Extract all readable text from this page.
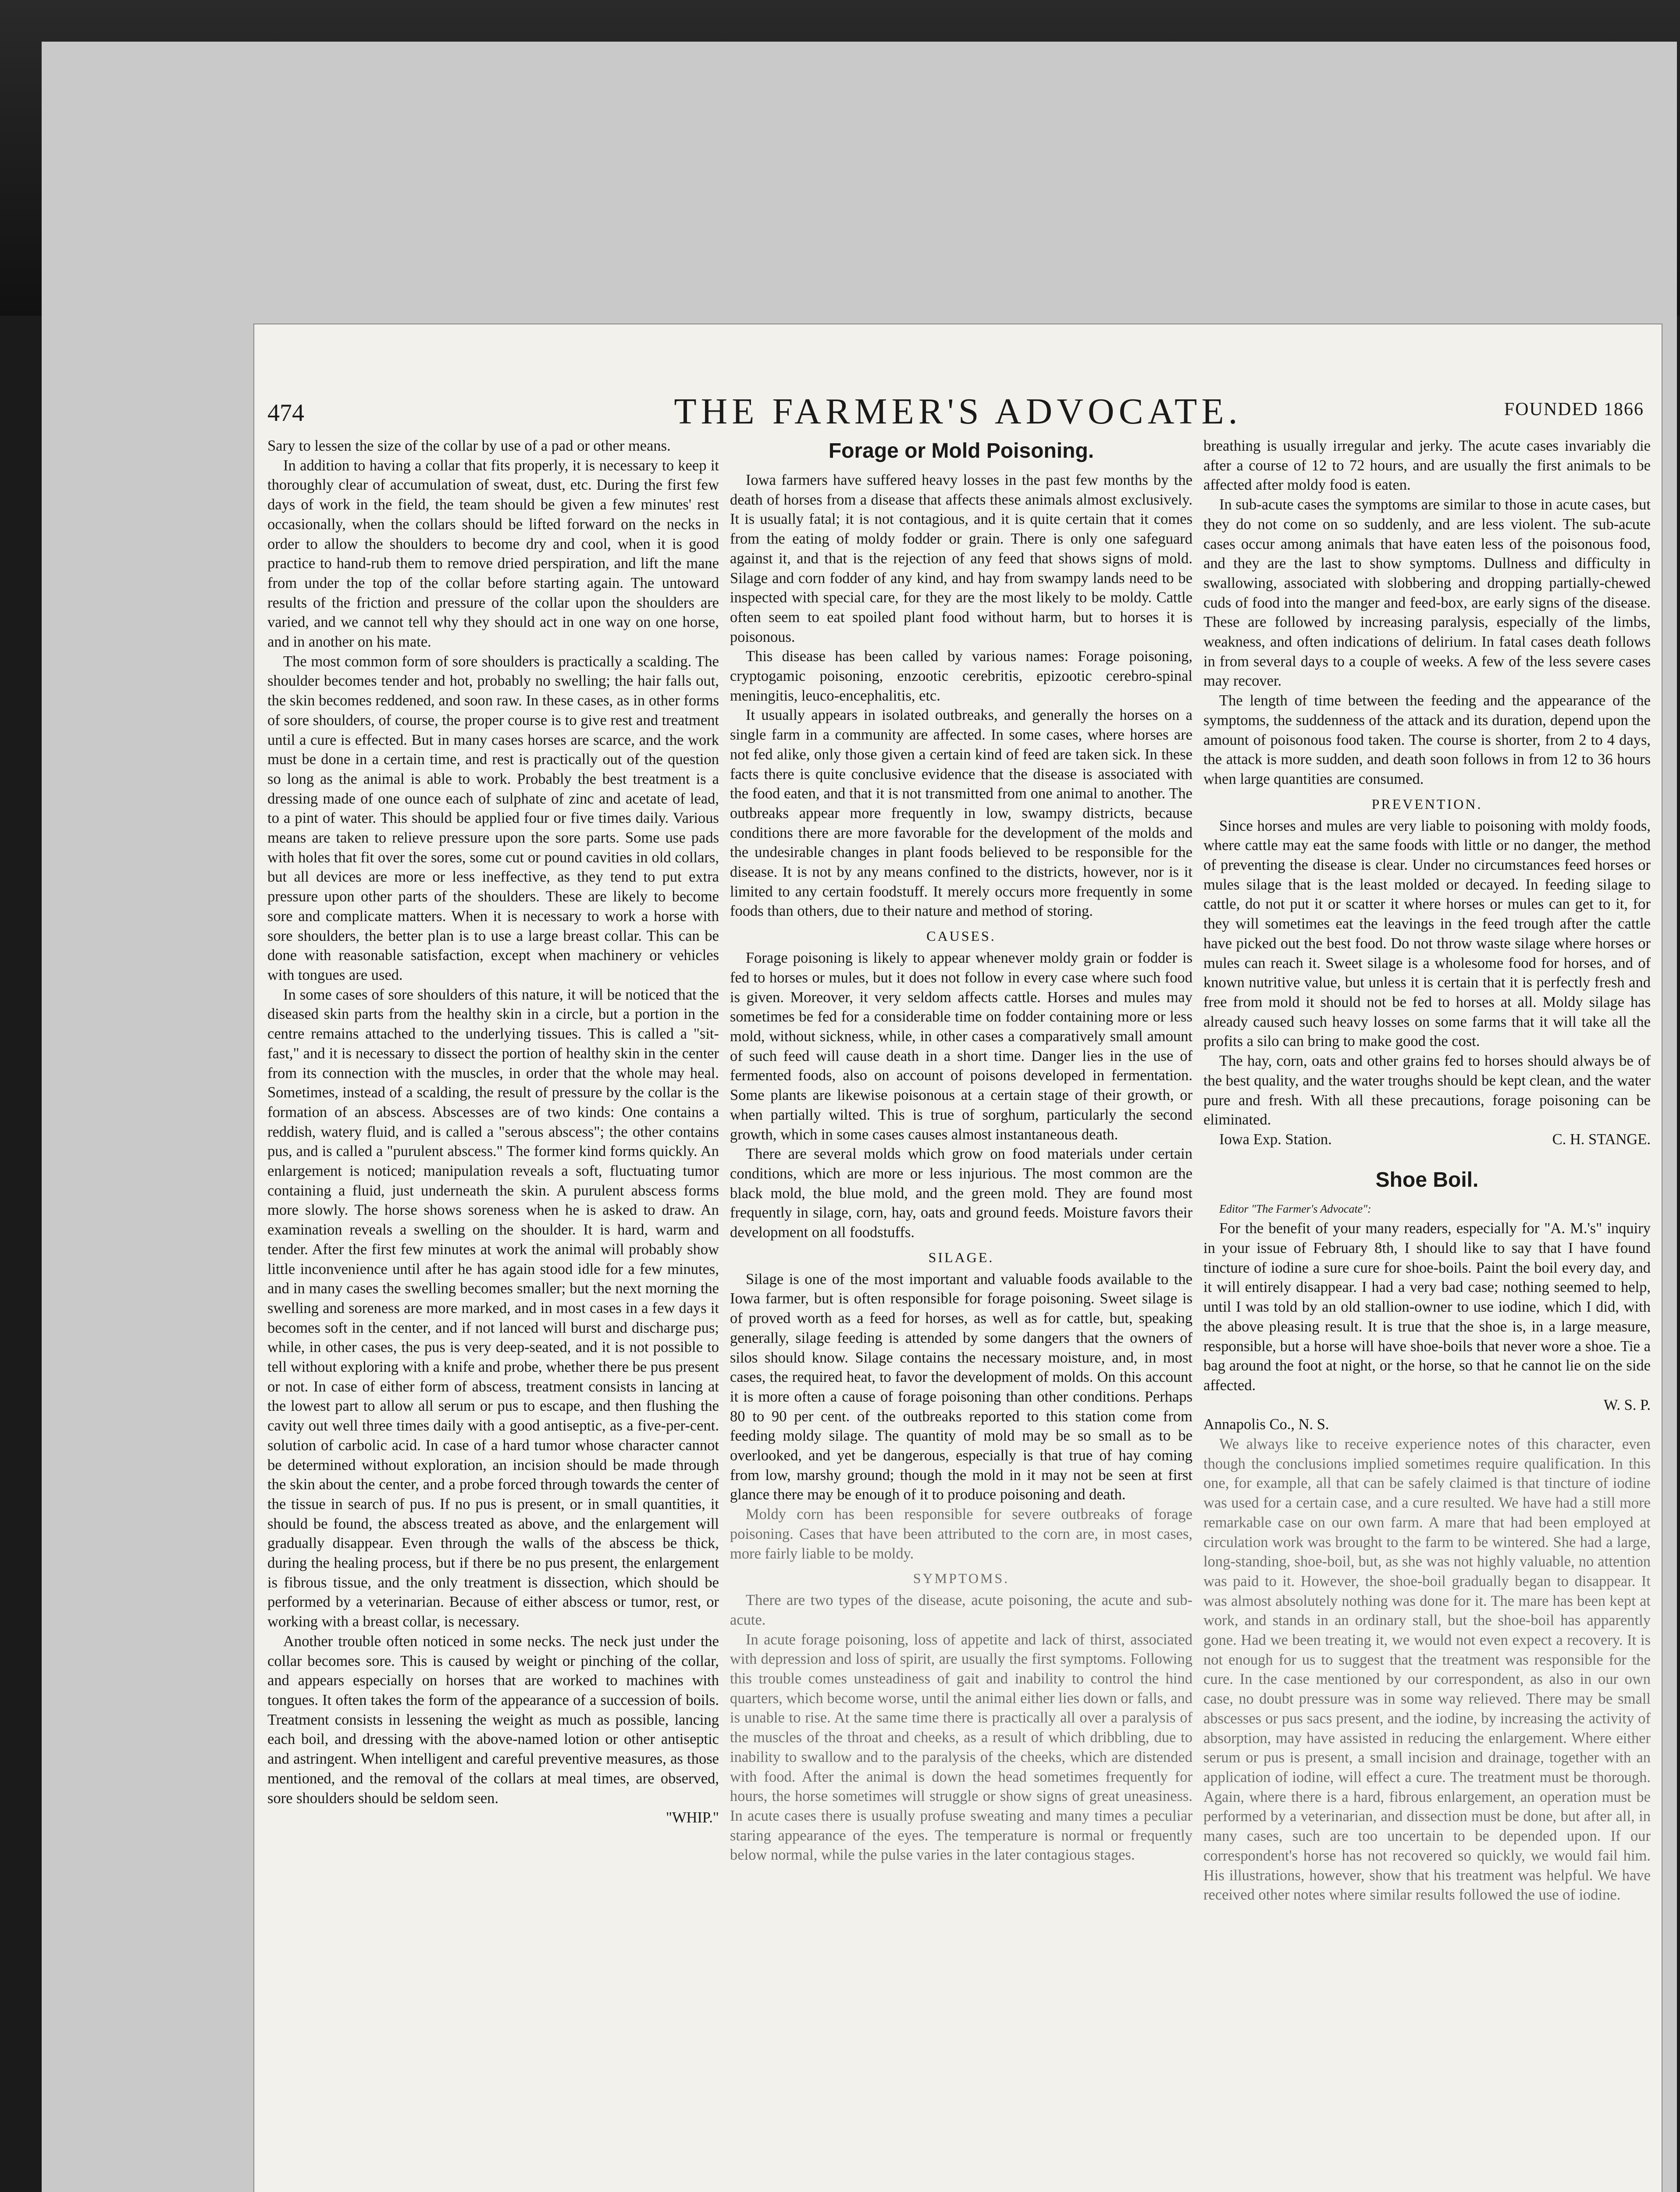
474	THE FARMER'S ADVOCATE.	FOUNDED 1866

Sary to lessen the size of the collar by use of a pad or other means.

In addition to having a collar that fits properly, it is necessary to keep it thoroughly clear of accumulation of sweat, dust, etc. During the first few days of work in the field, the team should be given a few minutes' rest occasionally, when the collars should be lifted forward on the necks in order to allow the shoulders to become dry and cool, when it is good practice to hand-rub them to remove dried perspiration, and lift the mane from under the top of the collar before starting again. The untoward results of the friction and pressure of the collar upon the shoulders are varied, and we cannot tell why they should act in one way on one horse, and in another on his mate.

The most common form of sore shoulders is practically a scalding. The shoulder becomes tender and hot, probably no swelling; the hair falls out, the skin becomes reddened, and soon raw. In these cases, as in other forms of sore shoulders, of course, the proper course is to give rest and treatment until a cure is effected. But in many cases horses are scarce, and the work must be done in a certain time, and rest is practically out of the question so long as the animal is able to work. Probably the best treatment is a dressing made of one ounce each of sulphate of zinc and acetate of lead, to a pint of water. This should be applied four or five times daily. Various means are taken to relieve pressure upon the sore parts. Some use pads with holes that fit over the sores, some cut or pound cavities in old collars, but all devices are more or less ineffective, as they tend to put extra pressure upon other parts of the shoulders. These are likely to become sore and complicate matters. When it is necessary to work a horse with sore shoulders, the better plan is to use a large breast collar. This can be done with reasonable satisfaction, except when machinery or vehicles with tongues are used.

In some cases of sore shoulders of this nature, it will be noticed that the diseased skin parts from the healthy skin in a circle, but a portion in the centre remains attached to the underlying tissues. This is called a "sit-fast," and it is necessary to dissect the portion of healthy skin in the center from its connection with the muscles, in order that the whole may heal. Sometimes, instead of a scalding, the result of pressure by the collar is the formation of an abscess. Abscesses are of two kinds: One contains a reddish, watery fluid, and is called a "serous abscess"; the other contains pus, and is called a "purulent abscess." The former kind forms quickly. An enlargement is noticed; manipulation reveals a soft, fluctuating tumor containing a fluid, just underneath the skin. A purulent abscess forms more slowly. The horse shows soreness when he is asked to draw. An examination reveals a swelling on the shoulder. It is hard, warm and tender. After the first few minutes at work the animal will probably show little inconvenience until after he has again stood idle for a few minutes, and in many cases the swelling becomes smaller; but the next morning the swelling and soreness are more marked, and in most cases in a few days it becomes soft in the center, and if not lanced will burst and discharge pus; while, in other cases, the pus is very deep-seated, and it is not possible to tell without exploring with a knife and probe, whether there be pus present or not. In case of either form of abscess, treatment consists in lancing at the lowest part to allow all serum or pus to escape, and then flushing the cavity out well three times daily with a good antiseptic, as a five-per-cent. solution of carbolic acid. In case of a hard tumor whose character cannot be determined without exploration, an incision should be made through the skin about the center, and a probe forced through towards the center of the tissue in search of pus. If no pus is present, or in small quantities, it should be found, the abscess treated as above, and the enlargement will gradually disappear. Even through the walls of the abscess be thick, during the healing process, but if there be no pus present, the enlargement is fibrous tissue, and the only treatment is dissection, which should be performed by a veterinarian. Because of either abscess or tumor, rest, or working with a breast collar, is necessary.

Another trouble often noticed in some necks. The neck just under the collar becomes sore. This is caused by weight or pinching of the collar, and appears especially on horses that are worked to machines with tongues. It often takes the form of the appearance of a succession of boils. Treatment consists in lessening the weight as much as possible, lancing each boil, and dressing with the above-named lotion or other antiseptic and astringent. When intelligent and careful preventive measures, as those mentioned, and the removal of the collars at meal times, are observed, sore shoulders should be seldom seen.

"WHIP."
Forage or Mold Poisoning.

Iowa farmers have suffered heavy losses in the past few months by the death of horses from a disease that affects these animals almost exclusively. It is usually fatal; it is not contagious, and it is quite certain that it comes from the eating of moldy fodder or grain. There is only one safeguard against it, and that is the rejection of any feed that shows signs of mold. Silage and corn fodder of any kind, and hay from swampy lands need to be inspected with special care, for they are the most likely to be moldy. Cattle often seem to eat spoiled plant food without harm, but to horses it is poisonous.

This disease has been called by various names: Forage poisoning, cryptogamic poisoning, enzootic cerebritis, epizootic cerebro-spinal meningitis, leuco-encephalitis, etc.

It usually appears in isolated outbreaks, and generally the horses on a single farm in a community are affected. In some cases, where horses are not fed alike, only those given a certain kind of feed are taken sick. In these facts there is quite conclusive evidence that the disease is associated with the food eaten, and that it is not transmitted from one animal to another. The outbreaks appear more frequently in low, swampy districts, because conditions there are more favorable for the development of the molds and the undesirable changes in plant foods believed to be responsible for the disease. It is not by any means confined to the districts, however, nor is it limited to any certain foodstuff. It merely occurs more frequently in some foods than others, due to their nature and method of storing.

CAUSES.

Forage poisoning is likely to appear whenever moldy grain or fodder is fed to horses or mules, but it does not follow in every case where such food is given. Moreover, it very seldom affects cattle. Horses and mules may sometimes be fed for a considerable time on fodder containing more or less mold, without sickness, while, in other cases a comparatively small amount of such feed will cause death in a short time. Danger lies in the use of fermented foods, also on account of poisons developed in fermentation. Some plants are likewise poisonous at a certain stage of their growth, or when partially wilted. This is true of sorghum, particularly the second growth, which in some cases causes almost instantaneous death.

There are several molds which grow on food materials under certain conditions, which are more or less injurious. The most common are the black mold, the blue mold, and the green mold. They are found most frequently in silage, corn, hay, oats and ground feeds. Moisture favors their development on all foodstuffs.

SILAGE.

Silage is one of the most important and valuable foods available to the Iowa farmer, but is often responsible for forage poisoning. Sweet silage is of proved worth as a feed for horses, as well as for cattle, but, speaking generally, silage feeding is attended by some dangers that the owners of silos should know. Silage contains the necessary moisture, and, in most cases, the required heat, to favor the development of molds. On this account it is more often a cause of forage poisoning than other conditions. Perhaps 80 to 90 per cent. of the outbreaks reported to this station come from feeding moldy silage. The quantity of mold may be so small as to be overlooked, and yet be dangerous, especially is that true of hay coming from low, marshy ground; though the mold in it may not be seen at first glance there may be enough of it to produce poisoning and death.

Moldy corn has been responsible for severe outbreaks of forage poisoning. Cases that have been attributed to the corn are, in most cases, more fairly liable to be moldy.

SYMPTOMS.

There are two types of the disease, acute poisoning, the acute and sub-acute.

In acute forage poisoning, loss of appetite and lack of thirst, associated with depression and loss of spirit, are usually the first symptoms. Following this trouble comes unsteadiness of gait and inability to control the hind quarters, which become worse, until the animal either lies down or falls, and is unable to rise. At the same time there is practically all over a paralysis of the muscles of the throat and cheeks, as a result of which dribbling, due to inability to swallow and to the paralysis of the cheeks, which are distended with food. After the animal is down the head sometimes frequently for hours, the horse sometimes will struggle or show signs of great uneasiness. In acute cases there is usually profuse sweating and many times a peculiar staring appearance of the eyes. The temperature is normal or frequently below normal, while the pulse varies in the later contagious stages.

breathing is usually irregular and jerky. The acute cases invariably die after a course of 12 to 72 hours, and are usually the first animals to be affected after moldy food is eaten.

In sub-acute cases the symptoms are similar to those in acute cases, but they do not come on so suddenly, and are less violent. The sub-acute cases occur among animals that have eaten less of the poisonous food, and they are the last to show symptoms. Dullness and difficulty in swallowing, associated with slobbering and dropping partially-chewed cuds of food into the manger and feed-box, are early signs of the disease. These are followed by increasing paralysis, especially of the limbs, weakness, and often indications of delirium. In fatal cases death follows in from several days to a couple of weeks. A few of the less severe cases may recover.

The length of time between the feeding and the appearance of the symptoms, the suddenness of the attack and its duration, depend upon the amount of poisonous food taken. The course is shorter, from 2 to 4 days, the attack is more sudden, and death soon follows in from 12 to 36 hours when large quantities are consumed.

PREVENTION.

Since horses and mules are very liable to poisoning with moldy foods, where cattle may eat the same foods with little or no danger, the method of preventing the disease is clear. Under no circumstances feed horses or mules silage that is the least molded or decayed. In feeding silage to cattle, do not put it or scatter it where horses or mules can get to it, for they will sometimes eat the leavings in the feed trough after the cattle have picked out the best food. Do not throw waste silage where horses or mules can reach it. Sweet silage is a wholesome food for horses, and of known nutritive value, but unless it is certain that it is perfectly fresh and free from mold it should not be fed to horses at all. Moldy silage has already caused such heavy losses on some farms that it will take all the profits a silo can bring to make good the cost.

The hay, corn, oats and other grains fed to horses should always be of the best quality, and the water troughs should be kept clean, and the water pure and fresh. With all these precautions, forage poisoning can be eliminated.

Iowa Exp. Station.	C. H. STANGE.
Shoe Boil.
Editor "The Farmer's Advocate":

For the benefit of your many readers, especially for "A. M.'s" inquiry in your issue of February 8th, I should like to say that I have found tincture of iodine a sure cure for shoe-boils. Paint the boil every day, and it will entirely disappear. I had a very bad case; nothing seemed to help, until I was told by an old stallion-owner to use iodine, which I did, with the above pleasing result. It is true that the shoe is, in a large measure, responsible, but a horse will have shoe-boils that never wore a shoe. Tie a bag around the foot at night, or the horse, so that he cannot lie on the side affected.

W. S. P.
Annapolis Co., N. S.

We always like to receive experience notes of this character, even though the conclusions implied sometimes require qualification. In this one, for example, all that can be safely claimed is that tincture of iodine was used for a certain case, and a cure resulted. We have had a still more remarkable case on our own farm. A mare that had been employed at circulation work was brought to the farm to be wintered. She had a large, long-standing, shoe-boil, but, as she was not highly valuable, no attention was paid to it. However, the shoe-boil gradually began to disappear. It was almost absolutely nothing was done for it. The mare has been kept at work, and stands in an ordinary stall, but the shoe-boil has apparently gone. Had we been treating it, we would not even expect a recovery. It is not enough for us to suggest that the treatment was responsible for the cure. In the case mentioned by our correspondent, as also in our own case, no doubt pressure was in some way relieved. There may be small abscesses or pus sacs present, and the iodine, by increasing the activity of absorption, may have assisted in reducing the enlargement. Where either serum or pus is present, a small incision and drainage, together with an application of iodine, will effect a cure. The treatment must be thorough. Again, where there is a hard, fibrous enlargement, an operation must be performed by a veterinarian, and dissection must be done, but after all, in many cases, such are too uncertain to be depended upon. If our correspondent's horse has not recovered so quickly, we would fail him. His illustrations, however, show that his treatment was helpful. We have received other notes where similar results followed the use of iodine.
